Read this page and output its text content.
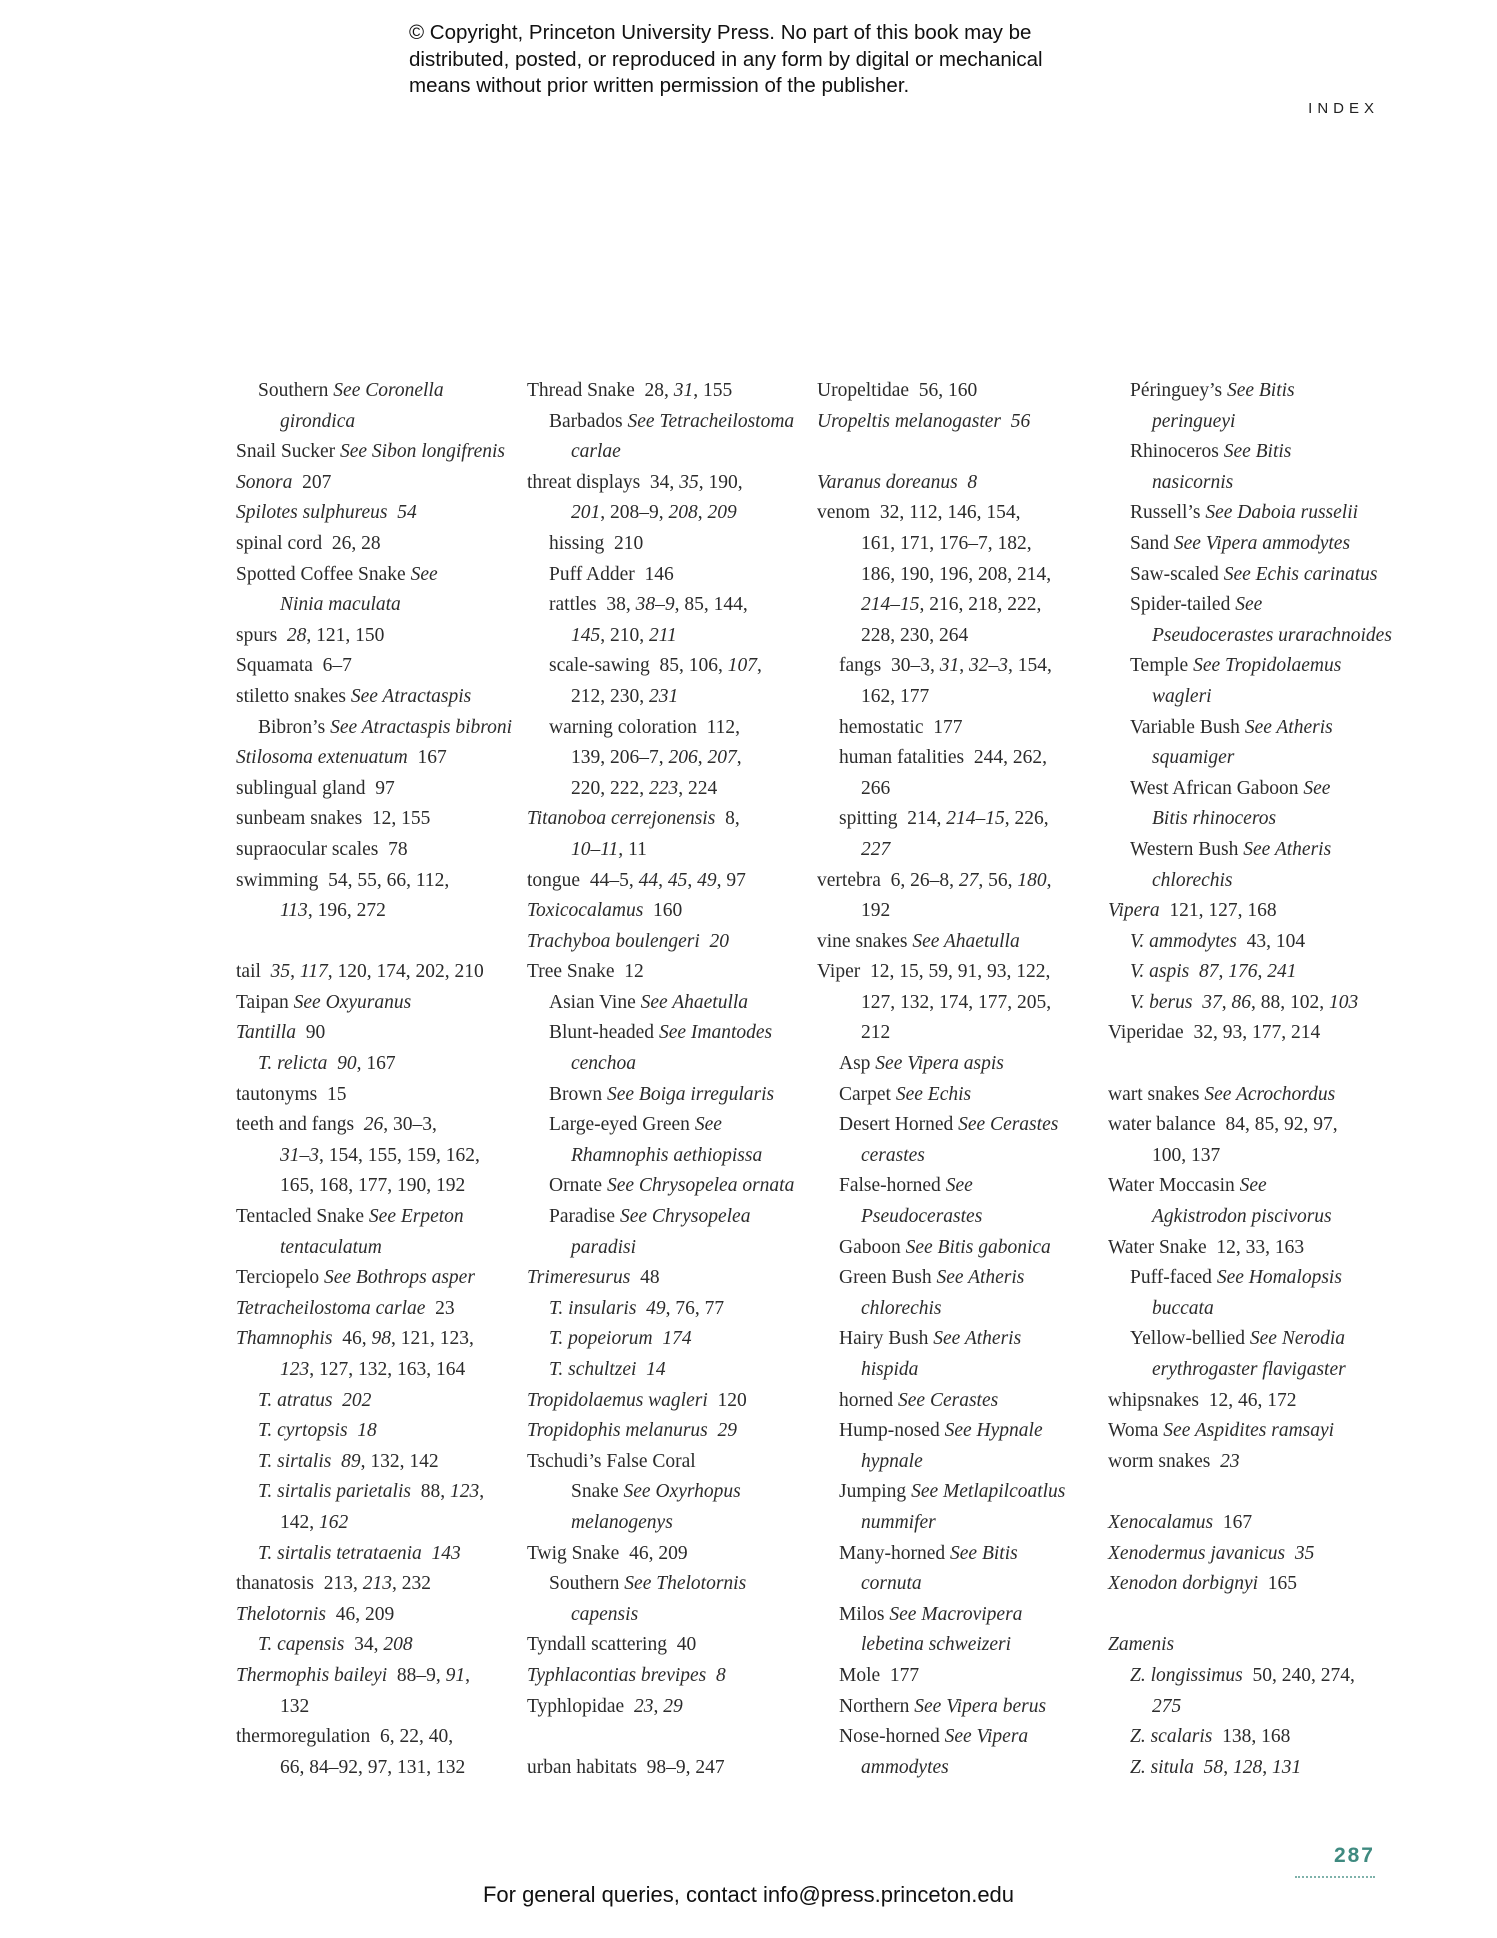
© Copyright, Princeton University Press. No part of this book may be
distributed, posted, or reproduced in any form by digital or mechanical
means without prior written permission of the publisher.
INDEX
Southern See Coronella
girondica
Snail Sucker See Sibon longifrenis
Sonora  207
Spilotes sulphureus  54
spinal cord  26, 28
Spotted Coffee Snake See
Ninia maculata
spurs  28, 121, 150
Squamata  6–7
stiletto snakes See Atractaspis
Bibron’s See Atractaspis bibroni
Stilosoma extenuatum  167
sublingual gland  97
sunbeam snakes  12, 155
supraocular scales  78
swimming  54, 55, 66, 112,
113, 196, 272
tail  35, 117, 120, 174, 202, 210
Taipan See Oxyuranus
Tantilla  90
T. relicta  90, 167
tautonyms  15
teeth and fangs  26, 30–3,
31–3, 154, 155, 159, 162,
165, 168, 177, 190, 192
Tentacled Snake See Erpeton
tentaculatum
Terciopelo See Bothrops asper
Tetracheilostoma carlae  23
Thamnophis  46, 98, 121, 123,
123, 127, 132, 163, 164
T. atratus  202
T. cyrtopsis  18
T. sirtalis  89, 132, 142
T. sirtalis parietalis  88, 123,
142, 162
T. sirtalis tetrataenia  143
thanatosis  213, 213, 232
Thelotornis  46, 209
T. capensis  34, 208
Thermophis baileyi  88–9, 91,
132
thermoregulation  6, 22, 40,
66, 84–92, 97, 131, 132
Thread Snake  28, 31, 155
Barbados See Tetracheilostoma
carlae
threat displays  34, 35, 190,
201, 208–9, 208, 209
hissing  210
Puff Adder  146
rattles  38, 38–9, 85, 144,
145, 210, 211
scale-sawing  85, 106, 107,
212, 230, 231
warning coloration  112,
139, 206–7, 206, 207,
220, 222, 223, 224
Titanoboa cerrejonensis  8,
10–11, 11
tongue  44–5, 44, 45, 49, 97
Toxicocalamus  160
Trachyboa boulengeri  20
Tree Snake  12
Asian Vine See Ahaetulla
Blunt-headed See Imantodes
cenchoa
Brown See Boiga irregularis
Large-eyed Green See
Rhamnophis aethiopissa
Ornate See Chrysopelea ornata
Paradise See Chrysopelea
paradisi
Trimeresurus  48
T. insularis  49, 76, 77
T. popeiorum  174
T. schultzei  14
Tropidolaemus wagleri  120
Tropidophis melanurus  29
Tschudi’s False Coral
Snake See Oxyrhopus
melanogenys
Twig Snake  46, 209
Southern See Thelotornis
capensis
Tyndall scattering  40
Typhlacontias brevipes  8
Typhlopidae  23, 29
urban habitats  98–9, 247
Uropeltidae  56, 160
Uropeltis melanogaster  56
Varanus doreanus  8
venom  32, 112, 146, 154,
161, 171, 176–7, 182,
186, 190, 196, 208, 214,
214–15, 216, 218, 222,
228, 230, 264
fangs  30–3, 31, 32–3, 154,
162, 177
hemostatic  177
human fatalities  244, 262,
266
spitting  214, 214–15, 226,
227
vertebra  6, 26–8, 27, 56, 180,
192
vine snakes See Ahaetulla
Viper  12, 15, 59, 91, 93, 122,
127, 132, 174, 177, 205,
212
Asp See Vipera aspis
Carpet See Echis
Desert Horned See Cerastes
cerastes
False-horned See
Pseudocerastes
Gaboon See Bitis gabonica
Green Bush See Atheris
chlorechis
Hairy Bush See Atheris
hispida
horned See Cerastes
Hump-nosed See Hypnale
hypnale
Jumping See Metlapilcoatlus
nummifer
Many-horned See Bitis
cornuta
Milos See Macrovipera
lebetina schweizeri
Mole  177
Northern See Vipera berus
Nose-horned See Vipera
ammodytes
Péringuey’s See Bitis
peringueyi
Rhinoceros See Bitis
nasicornis
Russell’s See Daboia russelii
Sand See Vipera ammodytes
Saw-scaled See Echis carinatus
Spider-tailed See
Pseudocerastes urarachnoides
Temple See Tropidolaemus
wagleri
Variable Bush See Atheris
squamiger
West African Gaboon See
Bitis rhinoceros
Western Bush See Atheris
chlorechis
Vipera  121, 127, 168
V. ammodytes  43, 104
V. aspis  87, 176, 241
V. berus  37, 86, 88, 102, 103
Viperidae  32, 93, 177, 214
wart snakes See Acrochordus
water balance  84, 85, 92, 97,
100, 137
Water Moccasin See
Agkistrodon piscivorus
Water Snake  12, 33, 163
Puff-faced See Homalopsis
buccata
Yellow-bellied See Nerodia
erythrogaster flavigaster
whipsnakes  12, 46, 172
Woma See Aspidites ramsayi
worm snakes  23
Xenocalamus  167
Xenodermus javanicus  35
Xenodon dorbignyi  165
Zamenis
Z. longissimus  50, 240, 274,
275
Z. scalaris  138, 168
Z. situla  58, 128, 131
287
For general queries, contact info@press.princeton.edu
